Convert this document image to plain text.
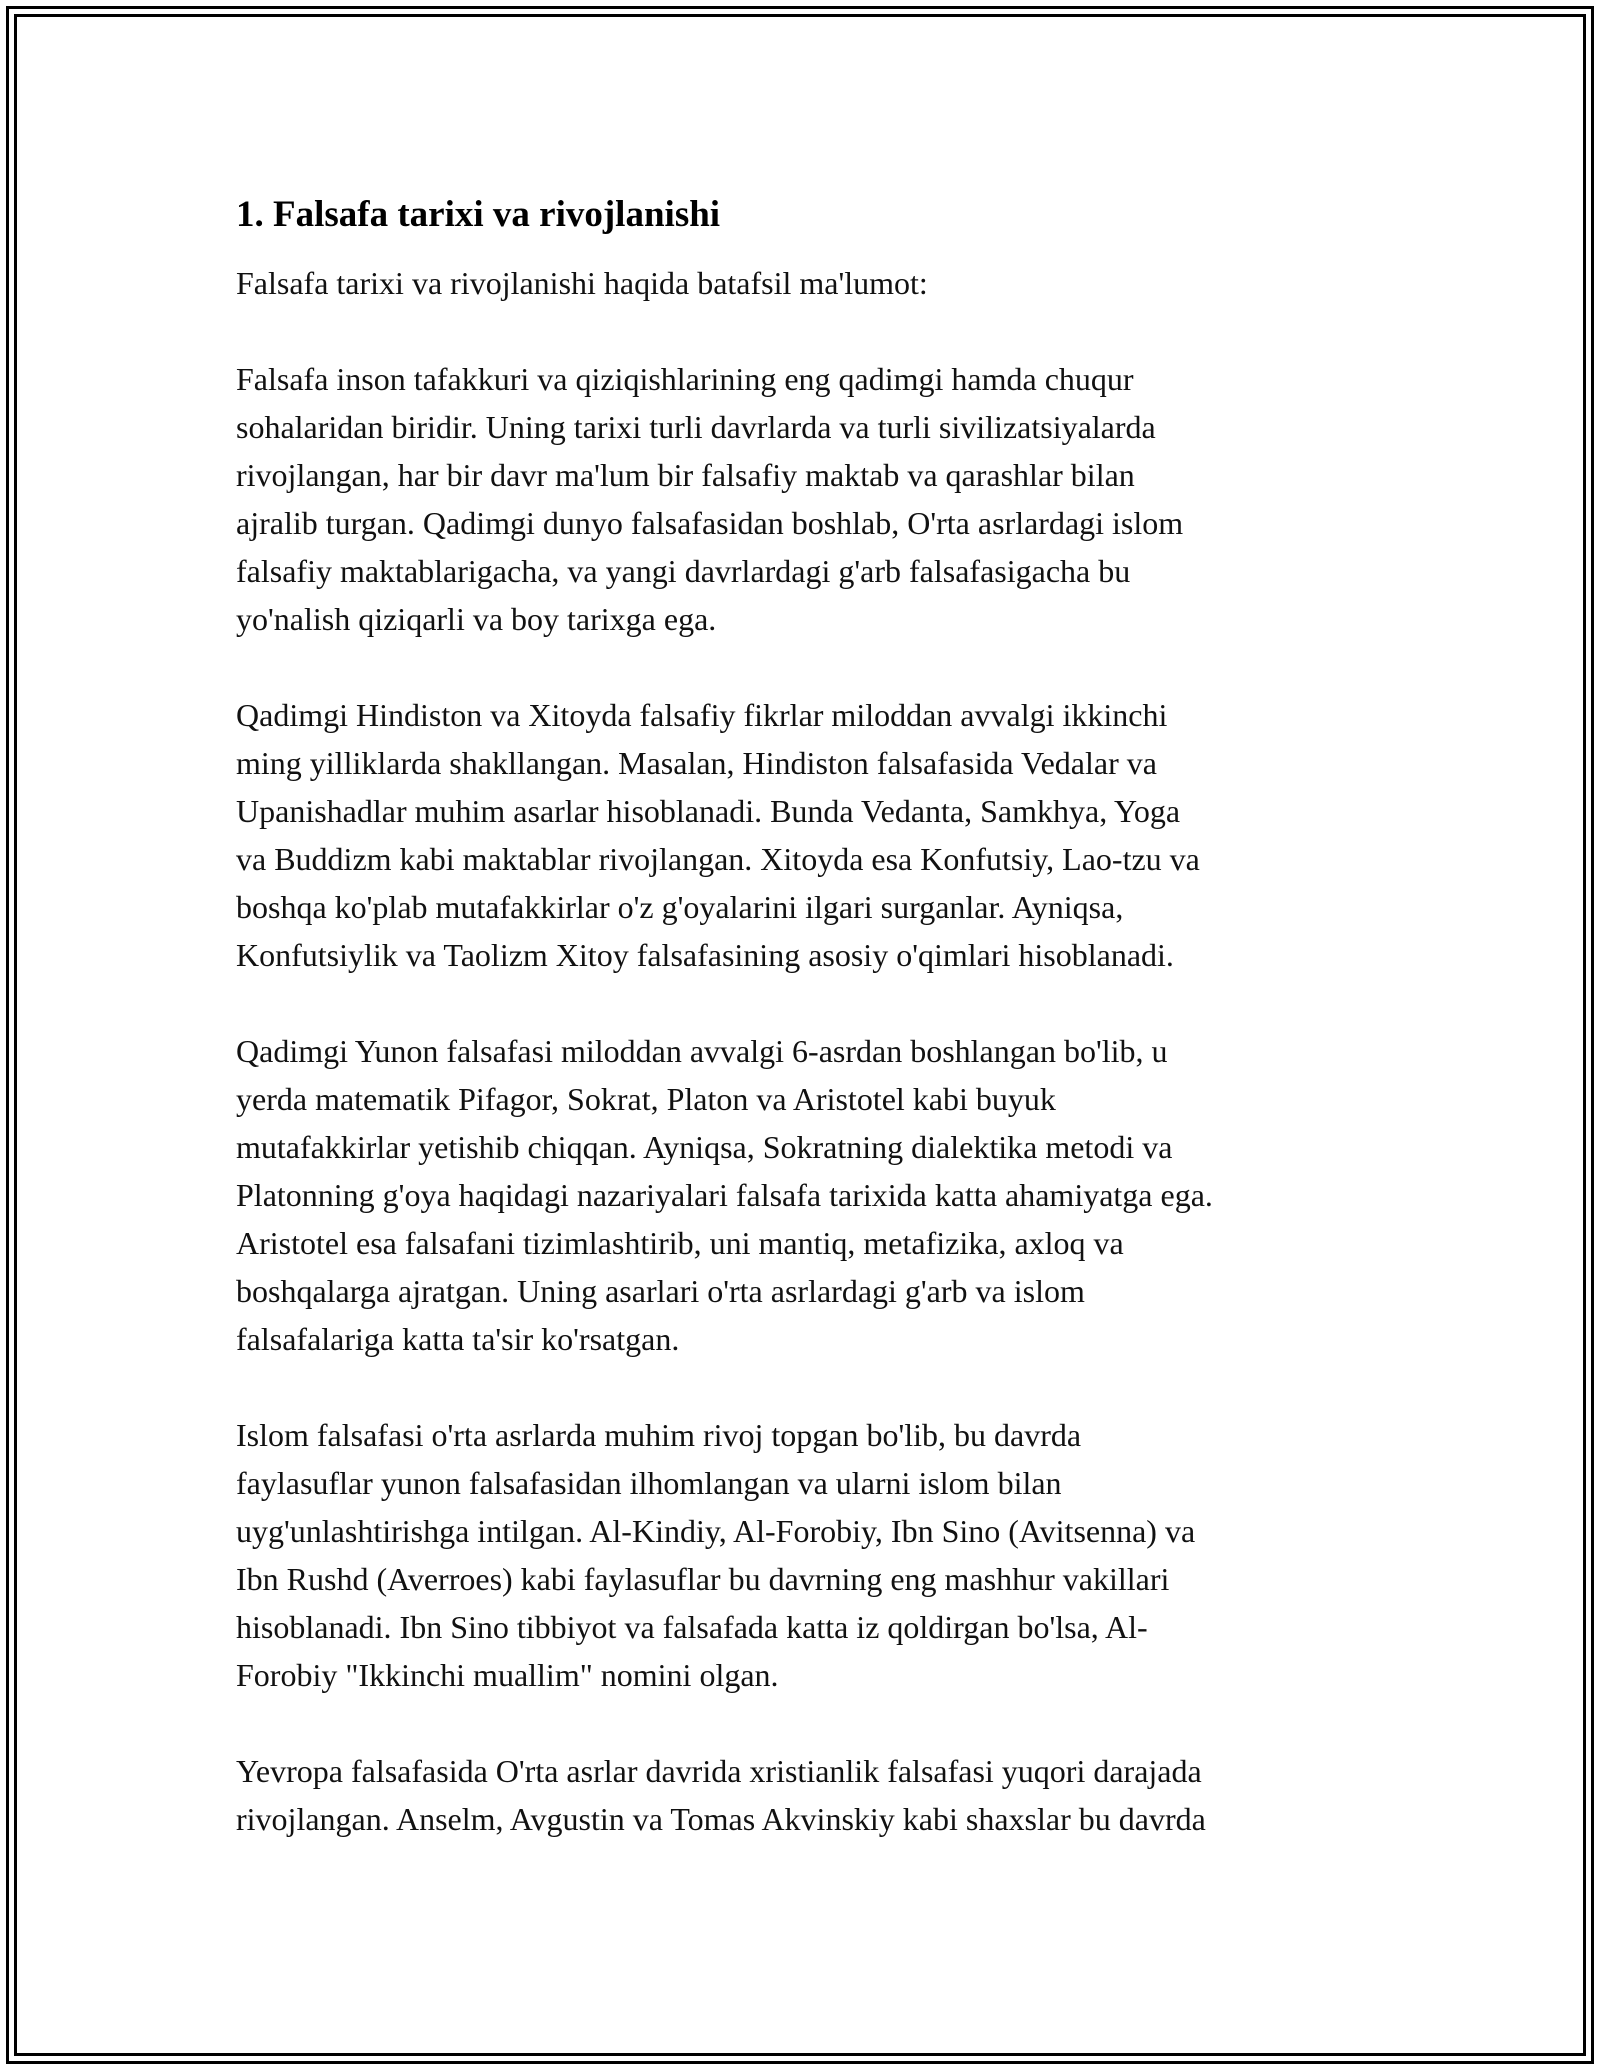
1. Falsafa tarixi va rivojlanishi

Falsafa tarixi va rivojlanishi haqida batafsil ma'lumot:

Falsafa inson tafakkuri va qiziqishlarining eng qadimgi hamda chuqur
sohalaridan biridir. Uning tarixi turli davrlarda va turli sivilizatsiyalarda
rivojlangan, har bir davr ma'lum bir falsafiy maktab va qarashlar bilan
ajralib turgan. Qadimgi dunyo falsafasidan boshlab, O'rta asrlardagi islom
falsafiy maktablarigacha, va yangi davrlardagi g'arb falsafasigacha bu
yo'nalish qiziqarli va boy tarixga ega.
Qadimgi Hindiston va Xitoyda falsafiy fikrlar miloddan avvalgi ikkinchi
ming yilliklarda shakllangan. Masalan, Hindiston falsafasida Vedalar va
Upanishadlar muhim asarlar hisoblanadi. Bunda Vedanta, Samkhya, Yoga
va Buddizm kabi maktablar rivojlangan. Xitoyda esa Konfutsiy, Lao-tzu va
boshqa ko'plab mutafakkirlar o'z g'oyalarini ilgari surganlar. Ayniqsa,
Konfutsiylik va Taolizm Xitoy falsafasining asosiy o'qimlari hisoblanadi.
Qadimgi Yunon falsafasi miloddan avvalgi 6-asrdan boshlangan bo'lib, u
yerda matematik Pifagor, Sokrat, Platon va Aristotel kabi buyuk
mutafakkirlar yetishib chiqqan. Ayniqsa, Sokratning dialektika metodi va
Platonning g'oya haqidagi nazariyalari falsafa tarixida katta ahamiyatga ega.
Aristotel esa falsafani tizimlashtirib, uni mantiq, metafizika, axloq va
boshqalarga ajratgan. Uning asarlari o'rta asrlardagi g'arb va islom
falsafalariga katta ta'sir ko'rsatgan.
Islom falsafasi o'rta asrlarda muhim rivoj topgan bo'lib, bu davrda
faylasuflar yunon falsafasidan ilhomlangan va ularni islom bilan
uyg'unlashtirishga intilgan. Al-Kindiy, Al-Forobiy, Ibn Sino (Avitsenna) va
Ibn Rushd (Averroes) kabi faylasuflar bu davrning eng mashhur vakillari
hisoblanadi. Ibn Sino tibbiyot va falsafada katta iz qoldirgan bo'lsa, Al-
Forobiy "Ikkinchi muallim" nomini olgan.
Yevropa falsafasida O'rta asrlar davrida xristianlik falsafasi yuqori darajada
rivojlangan. Anselm, Avgustin va Tomas Akvinskiy kabi shaxslar bu davrda
